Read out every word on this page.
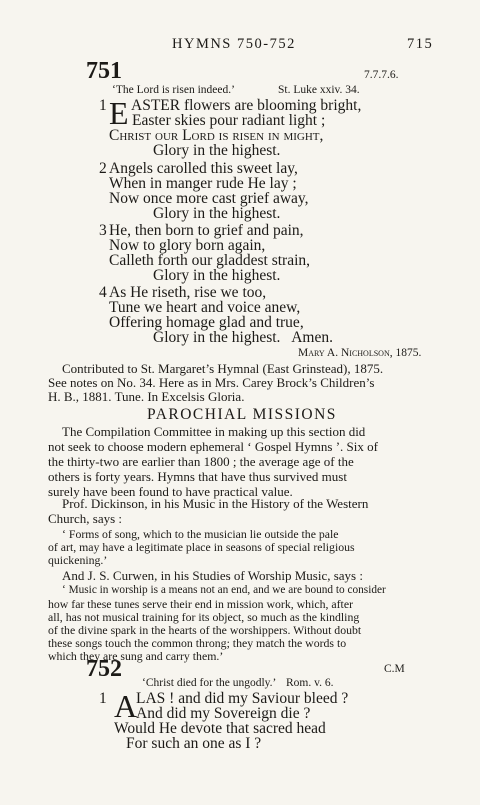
HYMNS 750-752	715
751	7.7.7.6.
‘The Lord is risen indeed.’	St. Luke xxiv. 34.
1 E ASTER flowers are blooming bright,
Easter skies pour radiant light ;
Christ our Lord is risen in might,
Glory in the highest.
2 Angels carolled this sweet lay,
When in manger rude He lay ;
Now once more cast grief away,
Glory in the highest.
3 He, then born to grief and pain,
Now to glory born again,
Calleth forth our gladdest strain,
Glory in the highest.
4 As He riseth, rise we too,
Tune we heart and voice anew,
Offering homage glad and true,
Glory in the highest.   Amen.
Mary A. Nicholson, 1875.
Contributed to St. Margaret’s Hymnal (East Grinstead), 1875.
See notes on No. 34. Here as in Mrs. Carey Brock’s Children’s
H. B., 1881. Tune. In Excelsis Gloria.
PAROCHIAL MISSIONS
The Compilation Committee in making up this section did
not seek to choose modern ephemeral ‘ Gospel Hymns ’. Six of
the thirty-two are earlier than 1800 ; the average age of the
others is forty years. Hymns that have thus survived must
surely have been found to have practical value.
Prof. Dickinson, in his Music in the History of the Western
Church, says :
‘ Forms of song, which to the musician lie outside the pale
of art, may have a legitimate place in seasons of special religious
quickening.’
And J. S. Curwen, in his Studies of Worship Music, says :
‘ Music in worship is a means not an end, and we are bound to consider
how far these tunes serve their end in mission work, which, after
all, has not musical training for its object, so much as the kindling
of the divine spark in the hearts of the worshippers. Without doubt
these songs touch the common throng; they match the words to
which they are sung and carry them.’
752	C.M
‘Christ died for the ungodly.’ Rom. v. 6.
1 A
LAS ! and did my Saviour bleed ?
And did my Sovereign die ?
Would He devote that sacred head
For such an one as I ?
